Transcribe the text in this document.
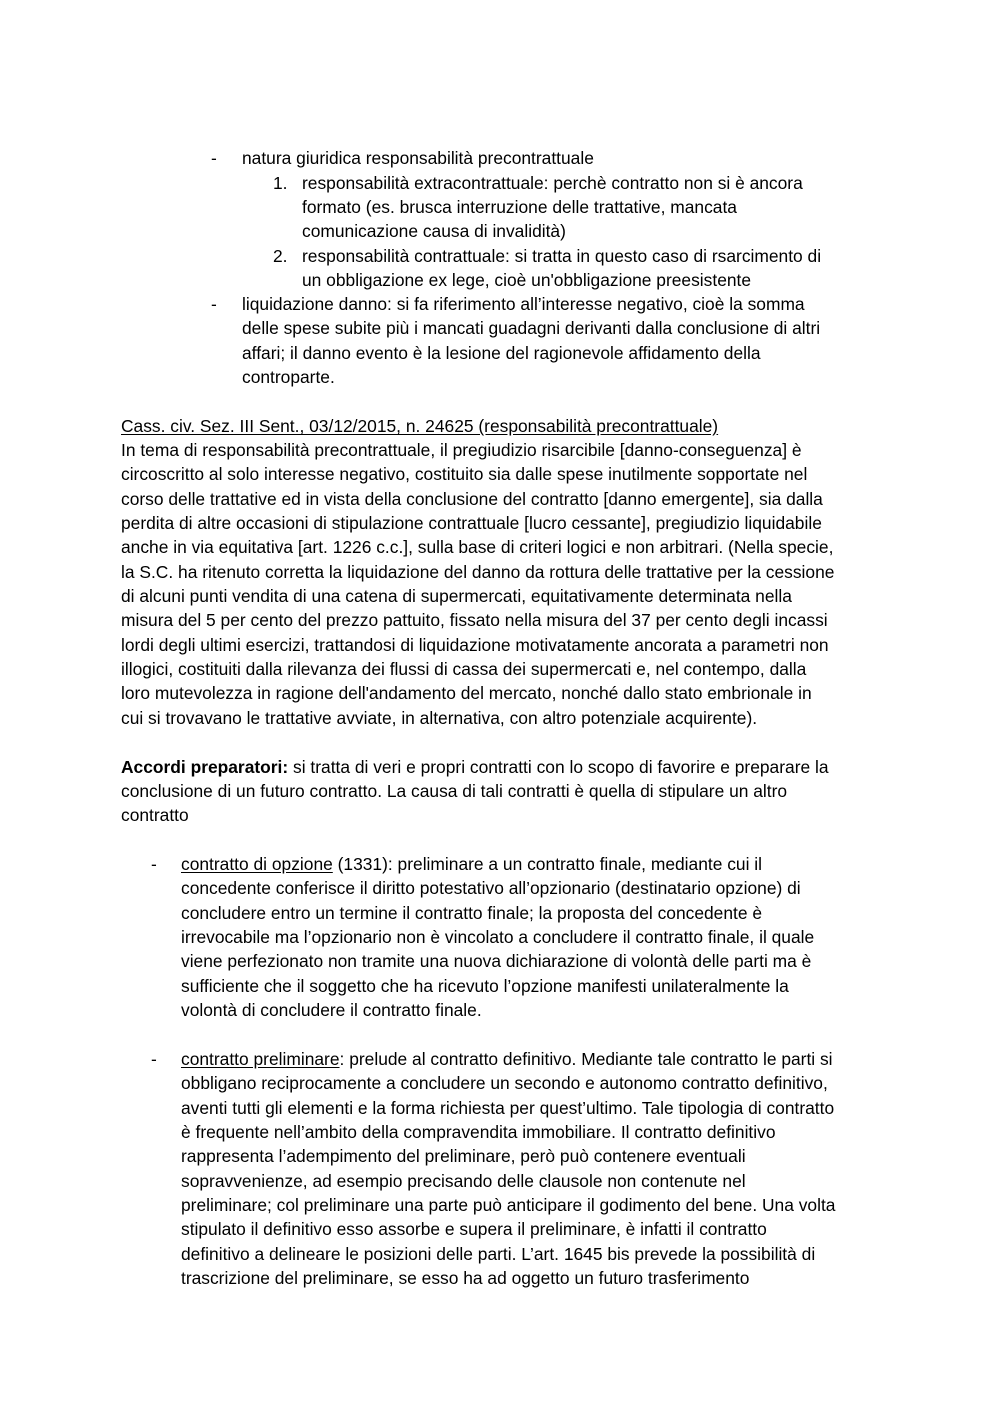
- natura giuridica responsabilità precontrattuale
1. responsabilità extracontrattuale: perchè contratto non si è ancora
formato (es. brusca interruzione delle trattative, mancata
comunicazione causa di invalidità)
2. responsabilità contrattuale: si tratta in questo caso di rsarcimento di
un obbligazione ex lege, cioè un'obbligazione preesistente
- liquidazione danno: si fa riferimento all’interesse negativo, cioè la somma
delle spese subite più i mancati guadagni derivanti dalla conclusione di altri
affari; il danno evento è la lesione del ragionevole affidamento della
controparte.
Cass. civ. Sez. III Sent., 03/12/2015, n. 24625 (responsabilità precontrattuale)
In tema di responsabilità precontrattuale, il pregiudizio risarcibile [danno-conseguenza] è
circoscritto al solo interesse negativo, costituito sia dalle spese inutilmente sopportate nel
corso delle trattative ed in vista della conclusione del contratto [danno emergente], sia dalla
perdita di altre occasioni di stipulazione contrattuale [lucro cessante], pregiudizio liquidabile
anche in via equitativa [art. 1226 c.c.], sulla base di criteri logici e non arbitrari. (Nella specie,
la S.C. ha ritenuto corretta la liquidazione del danno da rottura delle trattative per la cessione
di alcuni punti vendita di una catena di supermercati, equitativamente determinata nella
misura del 5 per cento del prezzo pattuito, fissato nella misura del 37 per cento degli incassi
lordi degli ultimi esercizi, trattandosi di liquidazione motivatamente ancorata a parametri non
illogici, costituiti dalla rilevanza dei flussi di cassa dei supermercati e, nel contempo, dalla
loro mutevolezza in ragione dell'andamento del mercato, nonché dallo stato embrionale in
cui si trovavano le trattative avviate, in alternativa, con altro potenziale acquirente).
Accordi preparatori: si tratta di veri e propri contratti con lo scopo di favorire e preparare la
conclusione di un futuro contratto. La causa di tali contratti è quella di stipulare un altro
contratto
- contratto di opzione (1331): preliminare a un contratto finale, mediante cui il
concedente conferisce il diritto potestativo all’opzionario (destinatario opzione) di
concludere entro un termine il contratto finale; la proposta del concedente è
irrevocabile ma l’opzionario non è vincolato a concludere il contratto finale, il quale
viene perfezionato non tramite una nuova dichiarazione di volontà delle parti ma è
sufficiente che il soggetto che ha ricevuto l’opzione manifesti unilateralmente la
volontà di concludere il contratto finale.
- contratto preliminare: prelude al contratto definitivo. Mediante tale contratto le parti si
obbligano reciprocamente a concludere un secondo e autonomo contratto definitivo,
aventi tutti gli elementi e la forma richiesta per quest’ultimo. Tale tipologia di contratto
è frequente nell’ambito della compravendita immobiliare. Il contratto definitivo
rappresenta l’adempimento del preliminare, però può contenere eventuali
sopravvenienze, ad esempio precisando delle clausole non contenute nel
preliminare; col preliminare una parte può anticipare il godimento del bene. Una volta
stipulato il definitivo esso assorbe e supera il preliminare, è infatti il contratto
definitivo a delineare le posizioni delle parti. L’art. 1645 bis prevede la possibilità di
trascrizione del preliminare, se esso ha ad oggetto un futuro trasferimento
